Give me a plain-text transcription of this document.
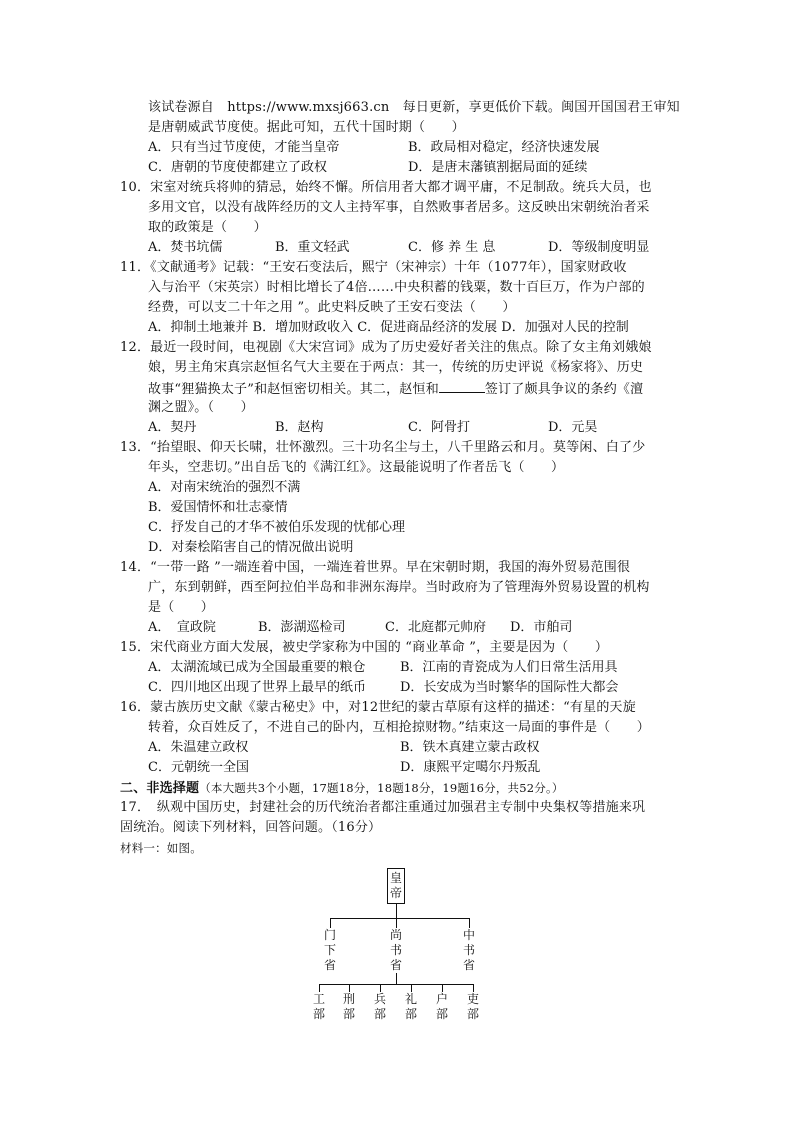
该试卷源自　https://www.mxsj663.cn　每日更新，享更低价下载。闽国开国国君王审知
是唐朝威武节度使。据此可知，五代十国时期（　　）
A．只有当过节度使，才能当皇帝	B．政局相对稳定，经济快速发展
C．唐朝的节度使都建立了政权	D．是唐末藩镇割据局面的延续
10．宋室对统兵将帅的猜忌，始终不懈。所信用者大都才调平庸，不足制敌。统兵大员，也
多用文官，以没有战阵经历的文人主持军事，自然败事者居多。这反映出宋朝统治者采
取的政策是（　　）
A．焚书坑儒	B．重文轻武	C．修 养 生 息	D．等级制度明显
11．《文献通考》记载：“王安石变法后，熙宁（宋神宗）十年（1077年），国家财政收
入与治平（宋英宗）时相比增长了4倍……中央积蓄的钱粟，数十百巨万，作为户部的
经费，可以支二十年之用 ”。此史料反映了王安石变法（　　）
A．抑制土地兼并 B．增加财政收入 C．促进商品经济的发展 D．加强对人民的控制
12．最近一段时间，电视剧《大宋宫词》成为了历史爱好者关注的焦点。除了女主角刘娥娘
娘，男主角宋真宗赵恒名气大主要在于两点：其一，传统的历史评说《杨家将》、历史
故事“狸猫换太子”和赵恒密切相关。其二，赵恒和	签订了颇具争议的条约《澶
渊之盟》。（　　）
A．契丹	B．赵构	C．阿骨打	D．元昊
13．“抬望眼、仰天长啸，壮怀激烈。三十功名尘与土，八千里路云和月。莫等闲、白了少
年头，空悲切。”出自岳飞的《满江红》。这最能说明了作者岳飞（　　）
A．对南宋统治的强烈不满
B．爱国情怀和壮志豪情
C．抒发自己的才华不被伯乐发现的忧郁心理
D．对秦桧陷害自己的情况做出说明
14．“一带一路 ”一端连着中国，一端连着世界。早在宋朝时期，我国的海外贸易范围很
广，东到朝鲜，西至阿拉伯半岛和非洲东海岸。当时政府为了管理海外贸易设置的机构
是（　　）
A．　宣政院	B．澎湖巡检司	C．北庭都元帅府 D．市舶司
15．宋代商业方面大发展，被史学家称为中国的 “商业革命 ”，主要是因为（　　）
A．太湖流域已成为全国最重要的粮仓	B．江南的青瓷成为人们日常生活用具
C．四川地区出现了世界上最早的纸币	D．长安成为当时繁华的国际性大都会
16．蒙古族历史文献《蒙古秘史》中，对12世纪的蒙古草原有这样的描述：“有星的天旋
转着，众百姓反了，不进自己的卧内，互相抢掠财物。”结束这一局面的事件是（　　）
A．朱温建立政权	B．铁木真建立蒙古政权
C．元朝统一全国	D．康熙平定噶尔丹叛乱
二、非选择题（本大题共3个小题，17题18分，18题18分，19题16分，共52分。）
17．　纵观中国历史，封建社会的历代统治者都注重通过加强君主专制中央集权等措施来巩
固统治。阅读下列材料，回答问题。（16分）
材料一：如图。
皇帝
门下省
尚书省
中书省
工部
刑部
兵部
礼部
户部
吏部
